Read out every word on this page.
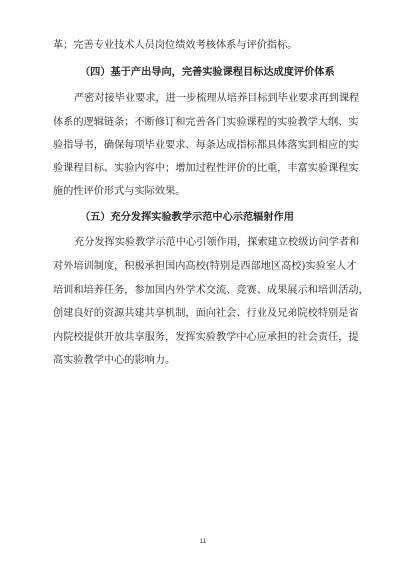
革；完善专业技术人员岗位绩效考核体系与评价指标。
（四）基于产出导向，完善实验课程目标达成度评价体系
严密对接毕业要求，进一步梳理从培养目标到毕业要求再到课程
体系的逻辑链条；不断修订和完善各门实验课程的实验教学大纲、实
验指导书，确保每项毕业要求、每条达成指标都具体落实到相应的实
验课程目标、实验内容中；增加过程性评价的比重，丰富实验课程实
施的性评价形式与实际效果。
（五）充分发挥实验教学示范中心示范辐射作用
充分发挥实验教学示范中心引领作用，探索建立校级访问学者和
对外培训制度，积极承担国内高校(特别是西部地区高校)实验室人才
培训和培养任务，参加国内外学术交流、竞赛、成果展示和培训活动，
创建良好的资源共建共享机制，面向社会、行业及兄弟院校特别是省
内院校提供开放共享服务，发挥实验教学中心应承担的社会责任，提
高实验教学中心的影响力。
11
